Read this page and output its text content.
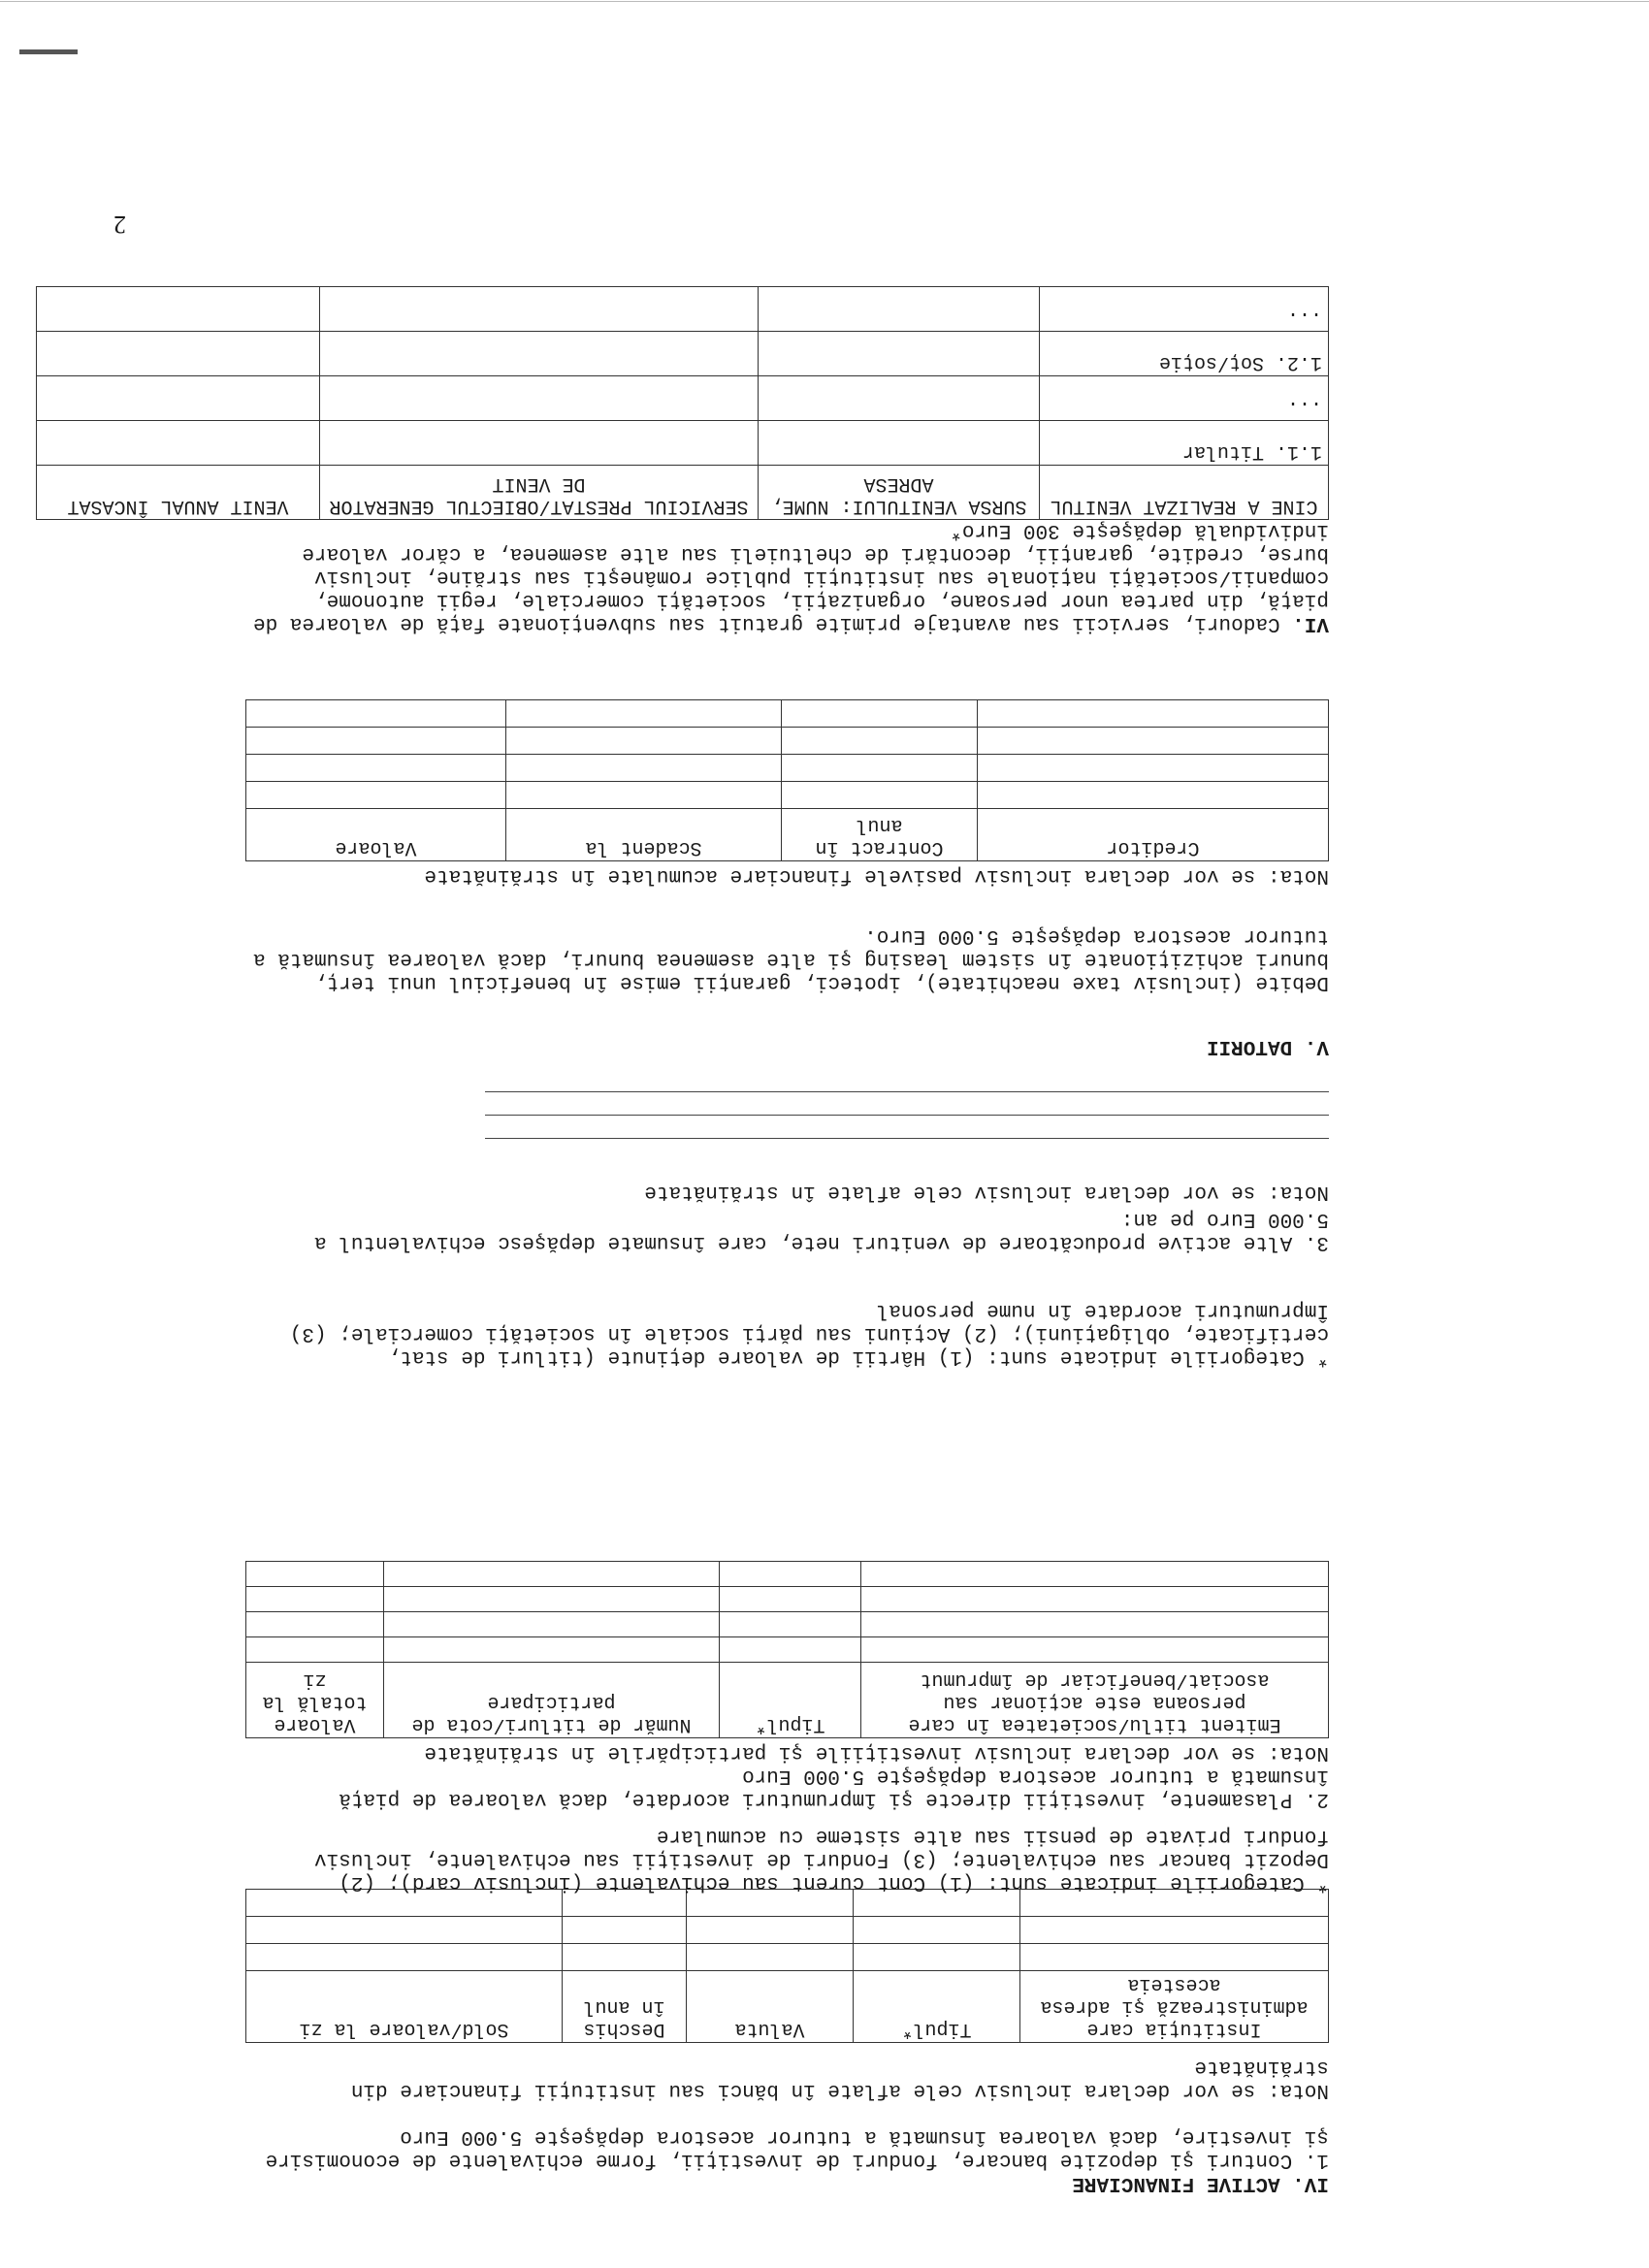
IV. ACTIVE FINANCIARE

1. Conturi şi depozite bancare, fonduri de investiţii, forme echivalente de economisire şi investire, dacă valoarea însumată a tuturor acestora depăşeşte 5.000 Euro

Nota: se vor declara inclusiv cele aflate în bănci sau instituţii financiare din străinătate

Instituţia care administrează şi adresa acesteia	Tipul*	Valuta	Deschis în anul	Sold/valoare la zi

* Categoriile indicate sunt: (1) Cont curent sau echivalente (inclusiv card); (2) Depozit bancar sau echivalente; (3) Fonduri de investiţii sau echivalente, inclusiv fonduri private de pensii sau alte sisteme cu acumulare

2. Plasamente, investiţii directe şi împrumuturi acordate, dacă valoarea de piaţă însumată a tuturor acestora depăşeşte 5.000 Euro

Nota: se vor declara inclusiv investiţiile şi participările în străinătate

Emitent titlu/societatea în care persoana este acţionar sau asociat/beneficiar de împrumut	Tipul*	Număr de titluri/cota de participare	Valoare totală la zi

* Categoriile indicate sunt: (1) Hârtii de valoare deţinute (titluri de stat, certificate, obligaţiuni); (2) Acţiuni sau părţi sociale în societăţi comerciale; (3) Împrumuturi acordate în nume personal

3. Alte active producătoare de venituri nete, care însumate depăşesc echivalentul a 5.000 Euro pe an:

Nota: se vor declara inclusiv cele aflate în străinătate

V. DATORII

Debite (inclusiv taxe neachitate), ipoteci, garanţii emise în beneficiul unui terţ, bunuri achiziţionate în sistem leasing şi alte asemenea bunuri, dacă valoarea însumată a tuturor acestora depăşeşte 5.000 Euro.

Nota: se vor declara inclusiv pasivele financiare acumulate în străinătate

Creditor	Contract în anul	Scadent la	Valoare

VI. Cadouri, servicii sau avantaje primite gratuit sau subvenţionate faţă de valoarea de piaţă, din partea unor persoane, organizaţii, societăţi comerciale, regii autonome, companii/societăţi naţionale sau instituţii publice româneşti sau străine, inclusiv burse, credite, garanţii, decontări de cheltuieli sau alte asemenea, a căror valoare individuală depăşeşte 300 Euro*

CINE A REALIZAT VENITUL	SURSA VENITULUI: NUME, ADRESA	SERVICIUL PRESTAT/OBIECTUL GENERATOR DE VENIT	VENIT ANUAL ÎNCASAT
1.1. Titular			
...			
1.2. Soţ/soţie			
...			
2
